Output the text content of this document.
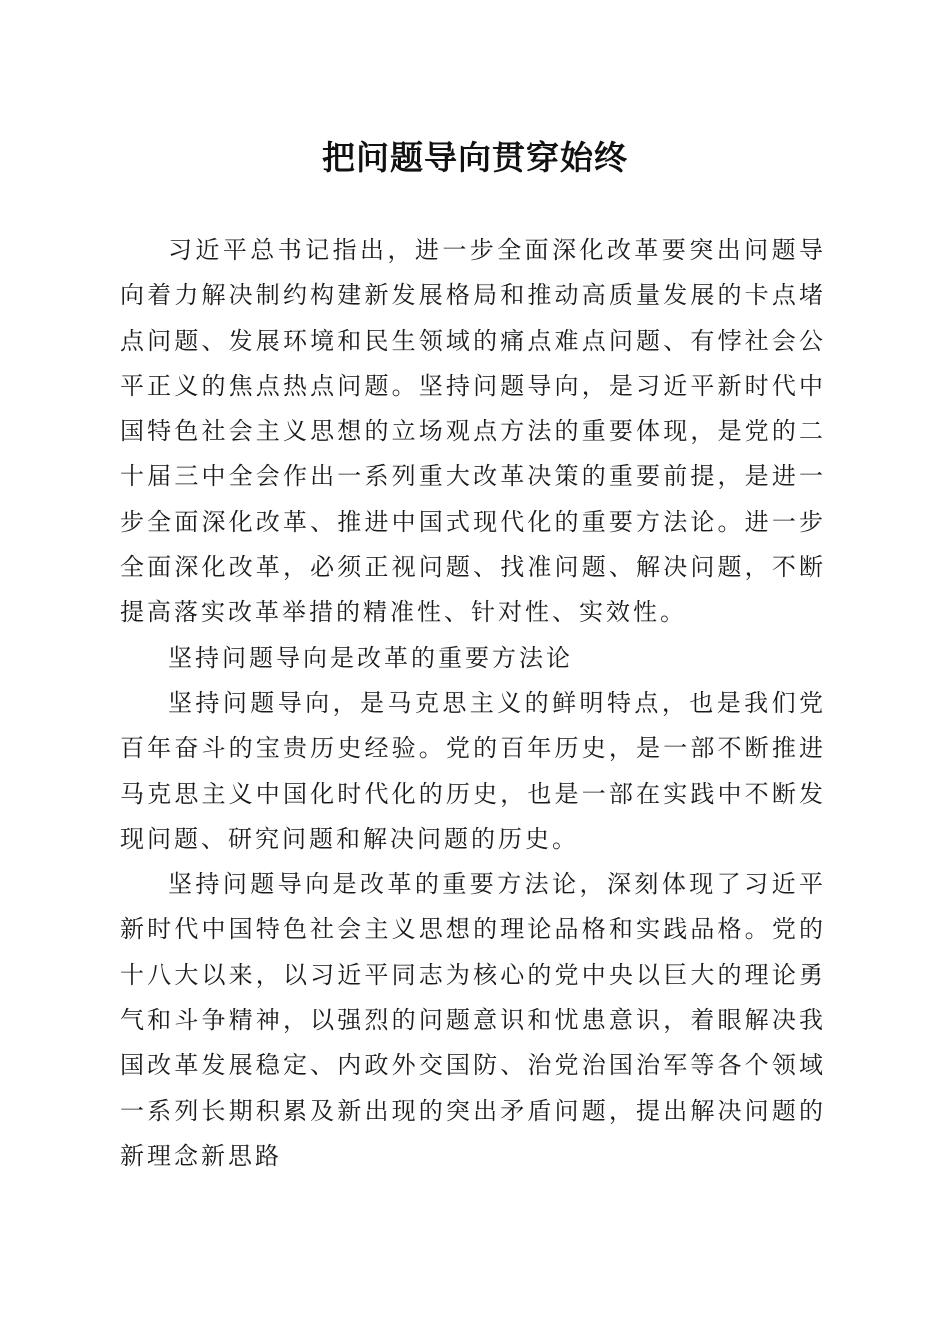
把问题导向贯穿始终

习近平总书记指出，进一步全面深化改革要突出问题导向着力解决制约构建新发展格局和推动高质量发展的卡点堵点问题、发展环境和民生领域的痛点难点问题、有悖社会公平正义的焦点热点问题。坚持问题导向，是习近平新时代中国特色社会主义思想的立场观点方法的重要体现，是党的二十届三中全会作出一系列重大改革决策的重要前提，是进一步全面深化改革、推进中国式现代化的重要方法论。进一步全面深化改革，必须正视问题、找准问题、解决问题，不断提高落实改革举措的精准性、针对性、实效性。

坚持问题导向是改革的重要方法论

坚持问题导向，是马克思主义的鲜明特点，也是我们党百年奋斗的宝贵历史经验。党的百年历史，是一部不断推进马克思主义中国化时代化的历史，也是一部在实践中不断发现问题、研究问题和解决问题的历史。

坚持问题导向是改革的重要方法论，深刻体现了习近平新时代中国特色社会主义思想的理论品格和实践品格。党的十八大以来，以习近平同志为核心的党中央以巨大的理论勇气和斗争精神，以强烈的问题意识和忧患意识，着眼解决我国改革发展稳定、内政外交国防、治党治国治军等各个领域一系列长期积累及新出现的突出矛盾问题，提出解决问题的新理念新思路
